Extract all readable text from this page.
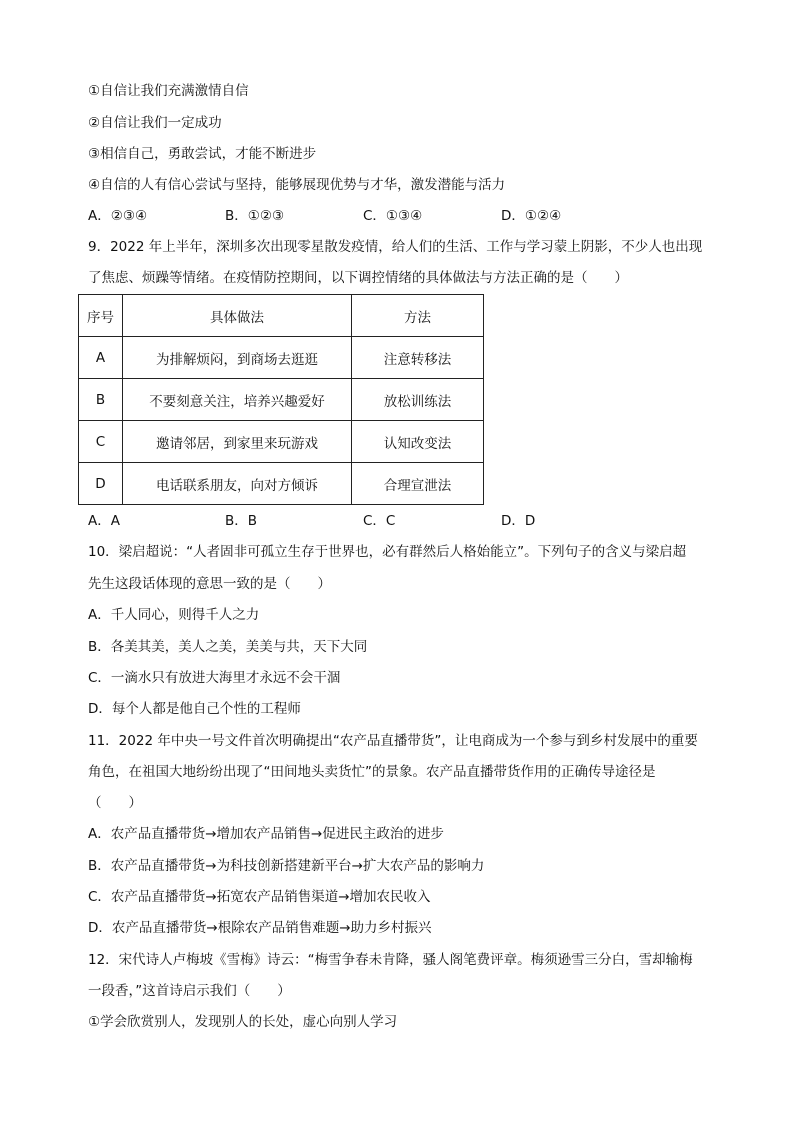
①自信让我们充满激情自信
②自信让我们一定成功
③相信自己，勇敢尝试，才能不断进步
④自信的人有信心尝试与坚持，能够展现优势与才华，激发潜能与活力
A．②③④	B．①②③	C．①③④	D．①②④
9．2022 年上半年，深圳多次出现零星散发疫情，给人们的生活、工作与学习蒙上阴影，不少人也出现
了焦虑、烦躁等情绪。在疫情防控期间，以下调控情绪的具体做法与方法正确的是（　　）
序号	具体做法	方法
A	为排解烦闷，到商场去逛逛	注意转移法
B	不要刻意关注，培养兴趣爱好	放松训练法
C	邀请邻居，到家里来玩游戏	认知改变法
D	电话联系朋友，向对方倾诉	合理宣泄法
A．A	B．B	C．C	D．D
10．梁启超说：“人者固非可孤立生存于世界也，必有群然后人格始能立”。下列句子的含义与梁启超
先生这段话体现的意思一致的是（　　）
A．千人同心，则得千人之力
B．各美其美，美人之美，美美与共，天下大同
C．一滴水只有放进大海里才永远不会干涸
D．每个人都是他自己个性的工程师
11．2022 年中央一号文件首次明确提出“农产品直播带货”，让电商成为一个参与到乡村发展中的重要
角色，在祖国大地纷纷出现了“田间地头卖货忙”的景象。农产品直播带货作用的正确传导途径是
（　　）
A．农产品直播带货→增加农产品销售→促进民主政治的进步
B．农产品直播带货→为科技创新搭建新平台→扩大农产品的影响力
C．农产品直播带货→拓宽农产品销售渠道→增加农民收入
D．农产品直播带货→根除农产品销售难题→助力乡村振兴
12．宋代诗人卢梅坡《雪梅》诗云：“梅雪争春未肯降，骚人阁笔费评章。梅须逊雪三分白，雪却输梅
一段香，”这首诗启示我们（　　）
①学会欣赏别人，发现别人的长处，虚心向别人学习
